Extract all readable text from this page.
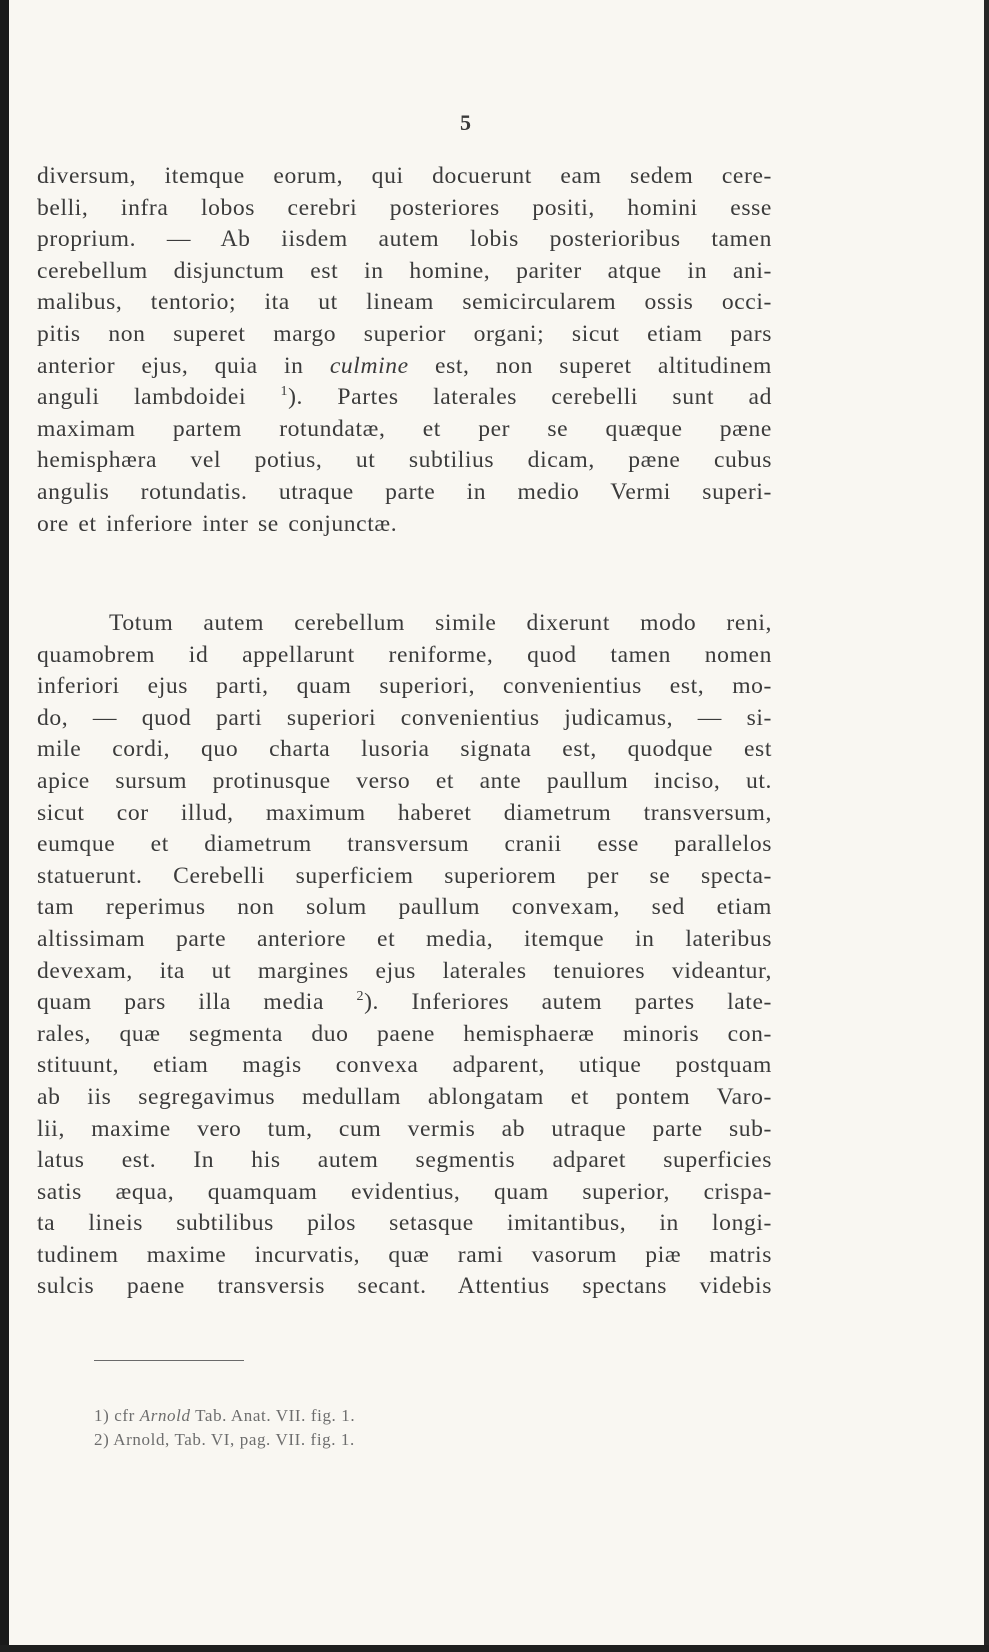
5
diversum, itemque eorum, qui docuerunt eam sedem cere-
belli, infra lobos cerebri posteriores positi, homini esse
proprium. — Ab iisdem autem lobis posterioribus tamen
cerebellum disjunctum est in homine, pariter atque in ani-
malibus, tentorio; ita ut lineam semicircularem ossis occi-
pitis non superet margo superior organi; sicut etiam pars
anterior ejus, quia in culmine est, non superet altitudinem
anguli lambdoidei $^1$). Partes laterales cerebelli sunt ad
maximam partem rotundatæ, et per se quæque pæne
hemisphæra vel potius, ut subtilius dicam, pæne cubus
angulis rotundatis. utraque parte in medio Vermi superi-
ore et inferiore inter se conjunctæ.
Totum autem cerebellum simile dixerunt modo reni,
quamobrem id appellarunt reniforme, quod tamen nomen
inferiori ejus parti, quam superiori, convenientius est, mo-
do, — quod parti superiori convenientius judicamus, — si-
mile cordi, quo charta lusoria signata est, quodque est
apice sursum protinusque verso et ante paullum inciso, ut.
sicut cor illud, maximum haberet diametrum transversum,
eumque et diametrum transversum cranii esse parallelos
statuerunt. Cerebelli superficiem superiorem per se specta-
tam reperimus non solum paullum convexam, sed etiam
altissimam parte anteriore et media, itemque in lateribus
devexam, ita ut margines ejus laterales tenuiores videantur,
quam pars illa media $^2$). Inferiores autem partes late-
rales, quæ segmenta duo paene hemisphaeræ minoris con-
stituunt, etiam magis convexa adparent, utique postquam
ab iis segregavimus medullam ablongatam et pontem Varo-
lii, maxime vero tum, cum vermis ab utraque parte sub-
latus est. In his autem segmentis adparet superficies
satis æqua, quamquam evidentius, quam superior, crispa-
ta lineis subtilibus pilos setasque imitantibus, in longi-
tudinem maxime incurvatis, quæ rami vasorum piæ matris
sulcis paene transversis secant. Attentius spectans videbis
1) cfr Arnold Tab. Anat. VII. fig. 1.
2) Arnold, Tab. VI, pag. VII. fig. 1.
